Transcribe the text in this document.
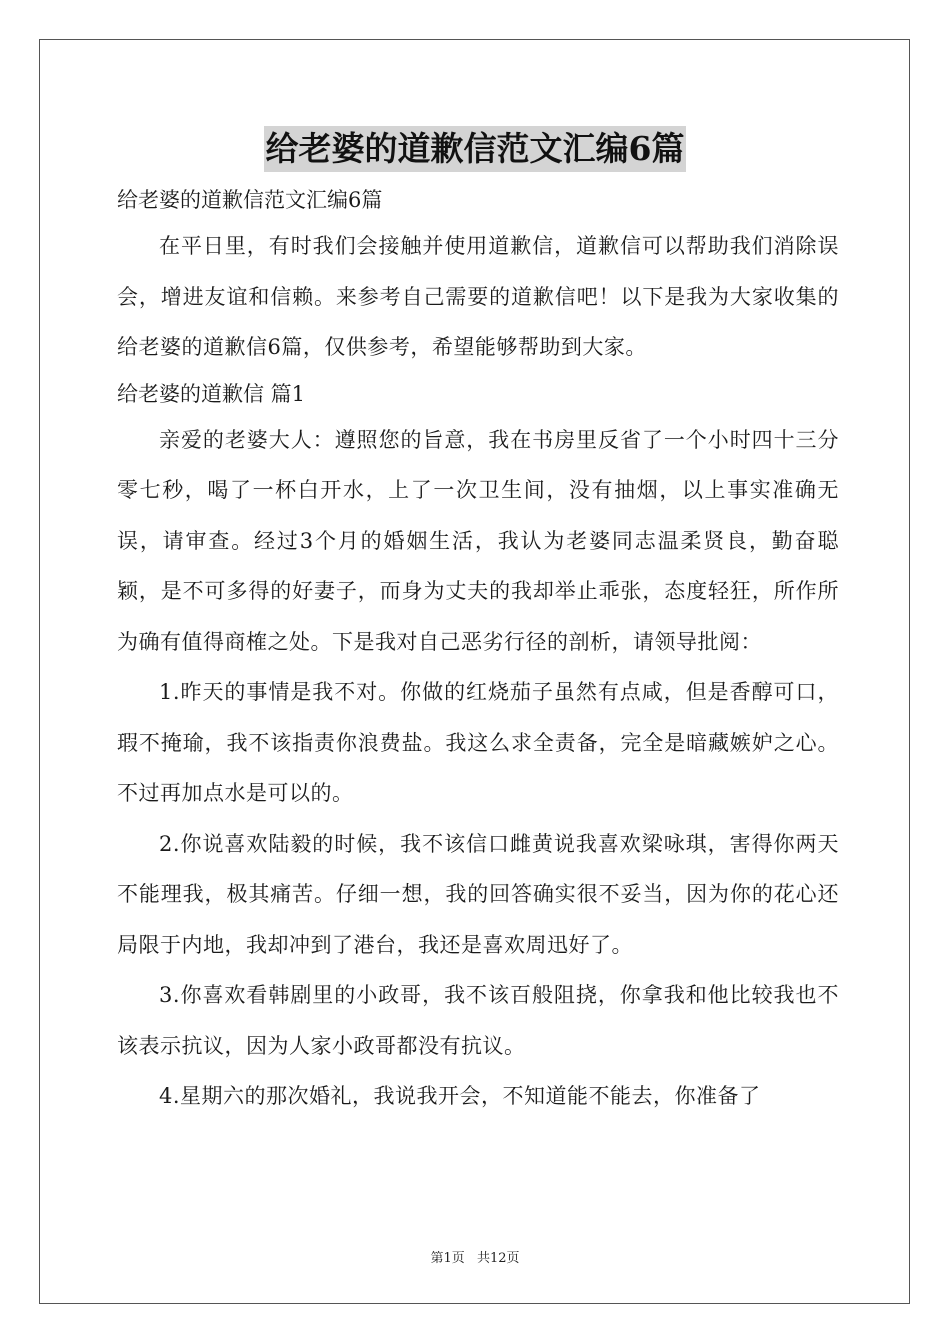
给老婆的道歉信范文汇编6篇

给老婆的道歉信范文汇编6篇

在平日里，有时我们会接触并使用道歉信，道歉信可以帮助我们消除误会，增进友谊和信赖。来参考自己需要的道歉信吧！以下是我为大家收集的给老婆的道歉信6篇，仅供参考，希望能够帮助到大家。

给老婆的道歉信 篇1

亲爱的老婆大人：遵照您的旨意，我在书房里反省了一个小时四十三分零七秒，喝了一杯白开水，上了一次卫生间，没有抽烟，以上事实准确无误，请审查。经过3个月的婚姻生活，我认为老婆同志温柔贤良，勤奋聪颖，是不可多得的好妻子，而身为丈夫的我却举止乖张，态度轻狂，所作所为确有值得商榷之处。下是我对自己恶劣行径的剖析，请领导批阅：

1.昨天的事情是我不对。你做的红烧茄子虽然有点咸，但是香醇可口，瑕不掩瑜，我不该指责你浪费盐。我这么求全责备，完全是暗藏嫉妒之心。不过再加点水是可以的。

2.你说喜欢陆毅的时候，我不该信口雌黄说我喜欢梁咏琪，害得你两天不能理我，极其痛苦。仔细一想，我的回答确实很不妥当，因为你的花心还局限于内地，我却冲到了港台，我还是喜欢周迅好了。

3.你喜欢看韩剧里的小政哥，我不该百般阻挠，你拿我和他比较我也不该表示抗议，因为人家小政哥都没有抗议。

4.星期六的那次婚礼，我说我开会，不知道能不能去，你准备了

第1页 共12页
